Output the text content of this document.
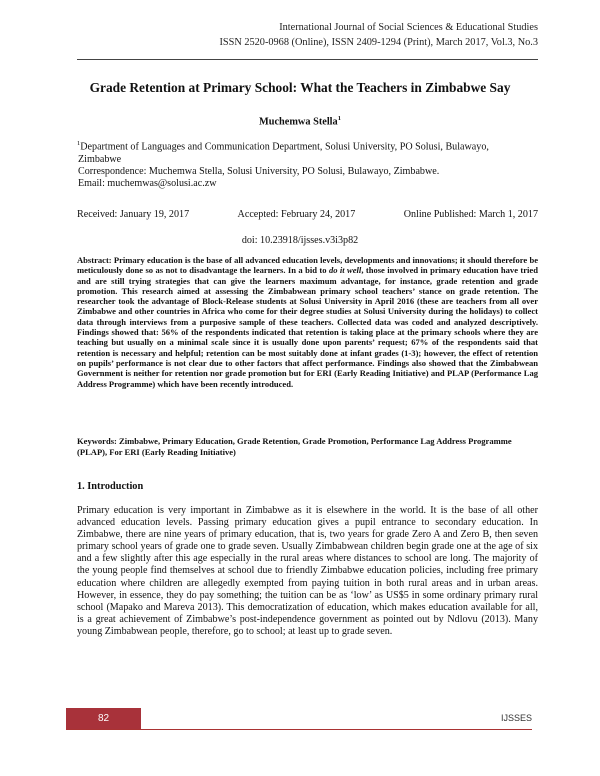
International Journal of Social Sciences & Educational Studies
ISSN 2520-0968 (Online), ISSN 2409-1294 (Print), March 2017, Vol.3, No.3
Grade Retention at Primary School: What the Teachers in Zimbabwe Say
Muchemwa Stella$^1$
$^1$Department of Languages and Communication Department, Solusi University, PO Solusi, Bulawayo,
Zimbabwe
Correspondence: Muchemwa Stella, Solusi University, PO Solusi, Bulawayo, Zimbabwe.
Email: muchemwas@solusi.ac.zw
Received: January 19, 2017	Accepted: February 24, 2017	Online Published: March 1, 2017
doi: 10.23918/ijsses.v3i3p82
Abstract: Primary education is the base of all advanced education levels, developments and innovations; it should therefore be meticulously done so as not to disadvantage the learners. In a bid to do it well, those involved in primary education have tried and are still trying strategies that can give the learners maximum advantage, for instance, grade retention and grade promotion. This research aimed at assessing the Zimbabwean primary school teachers’ stance on grade retention. The researcher took the advantage of Block-Release students at Solusi University in April 2016 (these are teachers from all over Zimbabwe and other countries in Africa who come for their degree studies at Solusi University during the holidays) to collect data through interviews from a purposive sample of these teachers. Collected data was coded and analyzed descriptively. Findings showed that: 56% of the respondents indicated that retention is taking place at the primary schools where they are teaching but usually on a minimal scale since it is usually done upon parents’ request; 67% of the respondents said that retention is necessary and helpful; retention can be most suitably done at infant grades (1-3); however, the effect of retention on pupils’ performance is not clear due to other factors that affect performance. Findings also showed that the Zimbabwean Government is neither for retention nor grade promotion but for ERI (Early Reading Initiative) and PLAP (Performance Lag Address Programme) which have been recently introduced.
Keywords: Zimbabwe, Primary Education, Grade Retention, Grade Promotion, Performance Lag Address Programme (PLAP), For ERI (Early Reading Initiative)
1. Introduction

Primary education is very important in Zimbabwe as it is elsewhere in the world. It is the base of all other advanced education levels. Passing primary education gives a pupil entrance to secondary education. In Zimbabwe, there are nine years of primary education, that is, two years for grade Zero A and Zero B, then seven primary school years of grade one to grade seven. Usually Zimbabwean children begin grade one at the age of six and a few slightly after this age especially in the rural areas where distances to school are long. The majority of the young people find themselves at school due to friendly Zimbabwe education policies, including free primary education where children are allegedly exempted from paying tuition in both rural areas and in urban areas. However, in essence, they do pay something; the tuition can be as ‘low’ as US$5 in some ordinary primary rural school (Mapako and Mareva 2013). This democratization of education, which makes education available for all, is a great achievement of Zimbabwe’s post-independence government as pointed out by Ndlovu (2013). Many young Zimbabwean people, therefore, go to school; at least up to grade seven.

82	IJSSES
